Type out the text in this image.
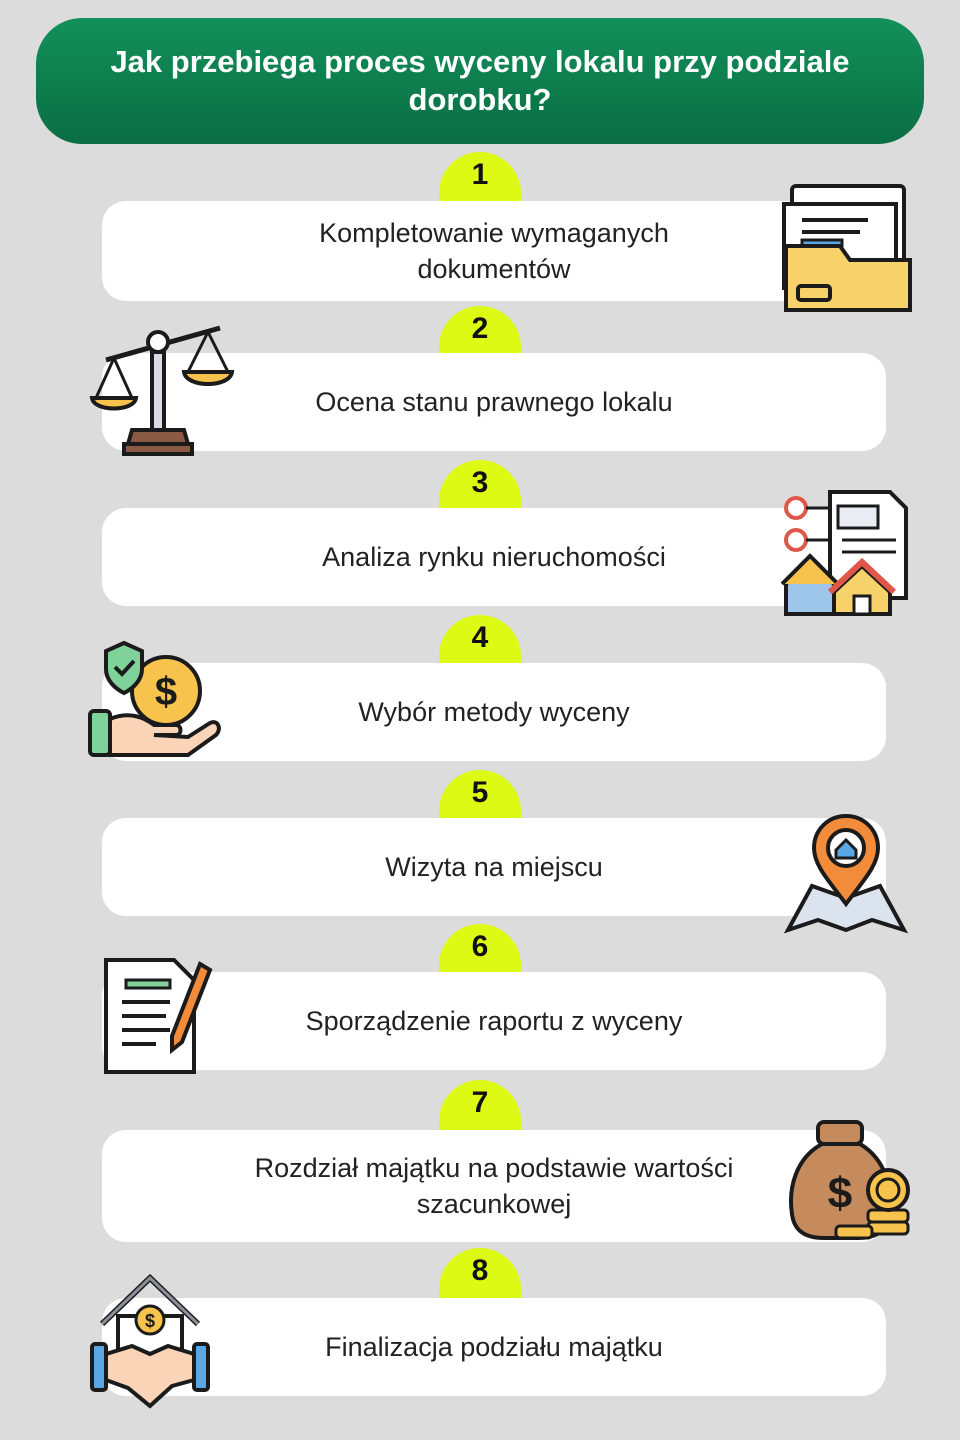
Jak przebiega proces wyceny lokalu przy podziale dorobku?
1
Kompletowanie wymaganych dokumentów
2
Ocena stanu prawnego lokalu
3
Analiza rynku nieruchomości
4
Wybór metody wyceny
$
5
Wizyta na miejscu
6
Sporządzenie raportu z wyceny
7
Rozdział majątku na podstawie wartości szacunkowej	$
8
Finalizacja podziału majątku
$
